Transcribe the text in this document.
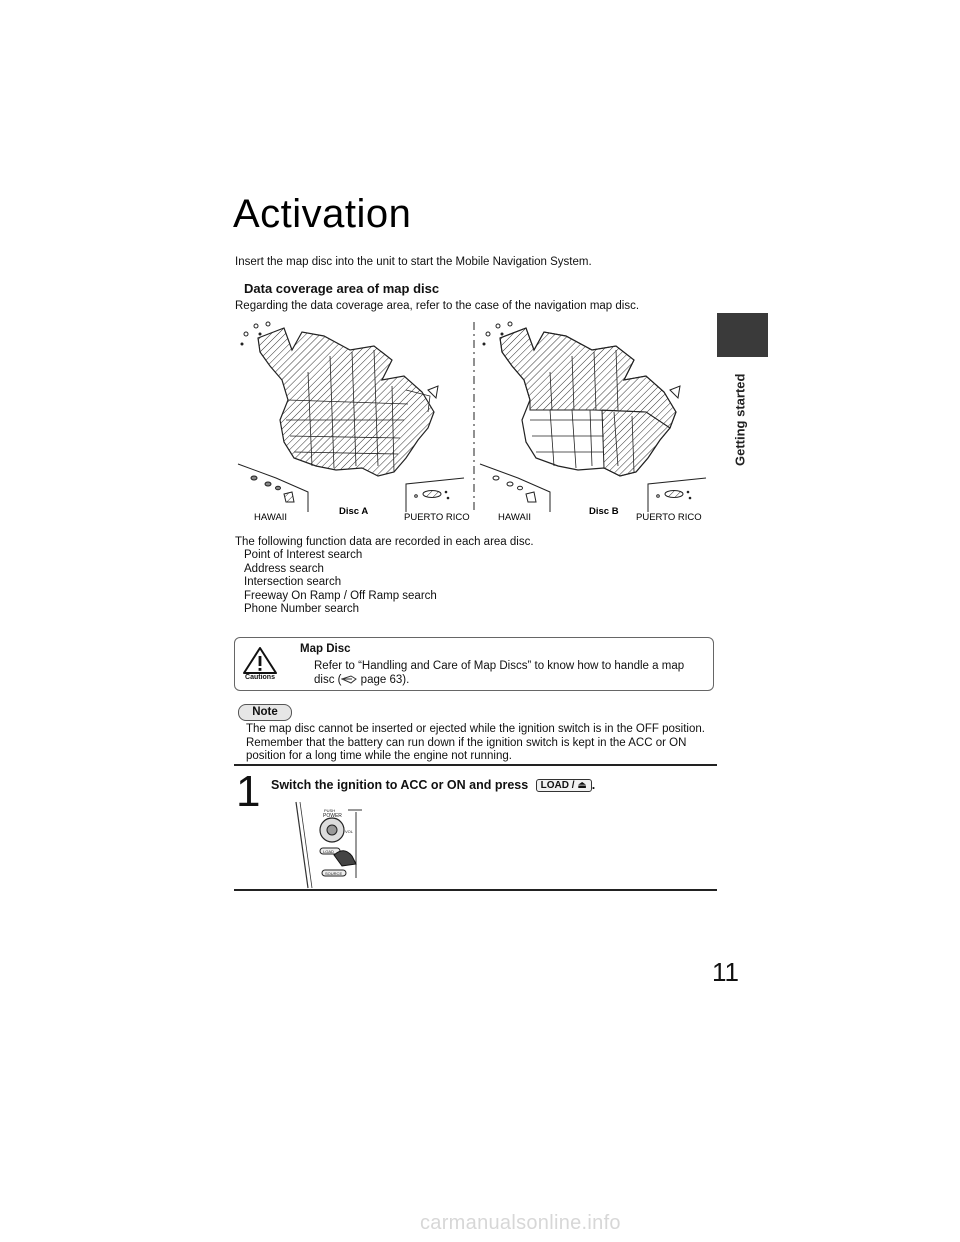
Getting started
Activation
Insert the map disc into the unit to start the Mobile Navigation System.
Data coverage area of map disc
Regarding the data coverage area, refer to the case of the navigation map disc.
HAWAII
Disc A
PUERTO RICO	HAWAII
Disc B
PUERTO RICO
The following function data are recorded in each area disc.
Point of Interest search
Address search
Intersection search
Freeway On Ramp / Off Ramp search
Phone Number search
Cautions
Map Disc
Refer to “Handling and Care of Map Discs” to know how to handle a map disc ( page 63).
Note
The map disc cannot be inserted or ejected while the ignition switch is in the OFF position. Remember that the battery can run down if the ignition switch is kept in the ACC or ON position for a long time while the engine not running.
1 Switch the ignition to ACC or ON and press LOAD / ⏏ .
PUSH
POWER
VOL
LOAD
SOURCE
11
carmanualsonline.info
